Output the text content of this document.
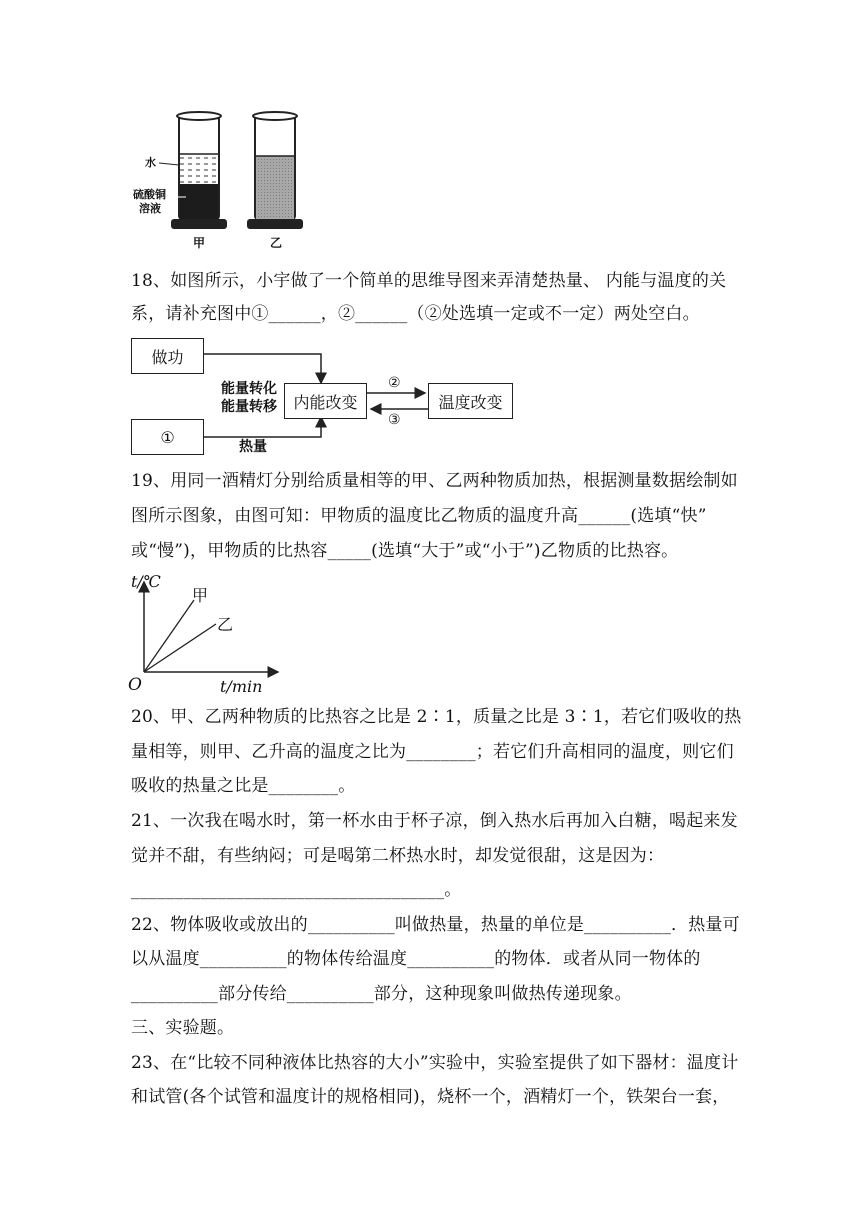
水
硫酸铜
溶液
甲	乙
18、如图所示，小宇做了一个简单的思维导图来弄清楚热量、 内能与温度的关
系，请补充图中①______，②______（②处选填一定或不一定）两处空白。
做功
①
内能改变	温度改变
能量转化
能量转移
热量
②
③
19、用同一酒精灯分别给质量相等的甲、乙两种物质加热，根据测量数据绘制如
图所示图象，由图可知：甲物质的温度比乙物质的温度升高______(选填“快”
或“慢”)，甲物质的比热容_____(选填“大于”或“小于”)乙物质的比热容。
t/℃
甲
乙
O	t/min
20、甲、乙两种物质的比热容之比是 2∶1，质量之比是 3∶1，若它们吸收的热
量相等，则甲、乙升高的温度之比为________；若它们升高相同的温度，则它们
吸收的热量之比是________。
21、一次我在喝水时，第一杯水由于杯子凉，倒入热水后再加入白糖，喝起来发
觉并不甜，有些纳闷；可是喝第二杯热水时，却发觉很甜，这是因为：
____________________________________。
22、物体吸收或放出的__________叫做热量，热量的单位是__________．热量可
以从温度__________的物体传给温度__________的物体．或者从同一物体的
__________部分传给__________部分，这种现象叫做热传递现象。
三、实验题。
23、在“比较不同种液体比热容的大小”实验中，实验室提供了如下器材：温度计
和试管(各个试管和温度计的规格相同)，烧杯一个，酒精灯一个，铁架台一套，
